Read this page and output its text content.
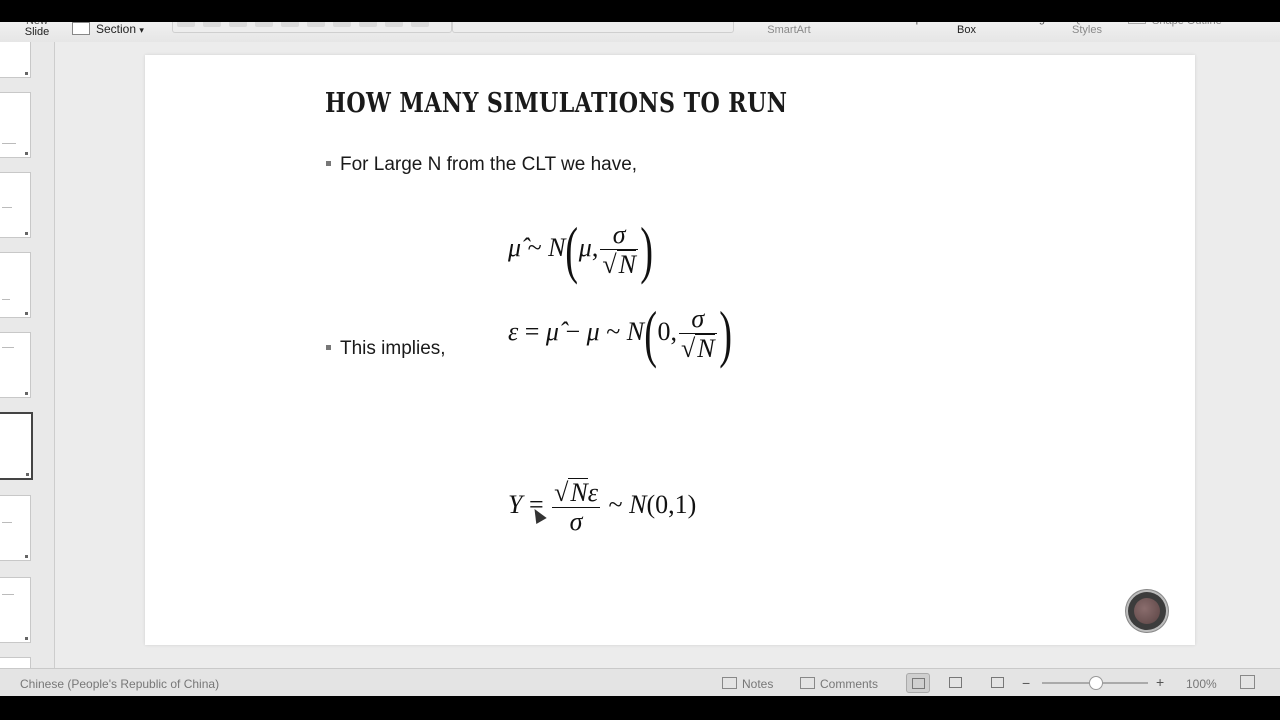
Slide	Section ▾	SmartArt	Box	Styles
HOW MANY SIMULATIONS TO RUN
For Large N from the CLT we have,
μ̂ ~ N(μ, $\frac{\sigma}{√N}$ )
This implies,
ε = μ̂ − μ ~ N(0, $\frac{\sigma}{√N}$ )
$Y = \frac{√N\varepsilon}{\sigma}$ ~ N(0,1)
Chinese (People's Republic of China)	Notes	Comments	−	+ 100%
